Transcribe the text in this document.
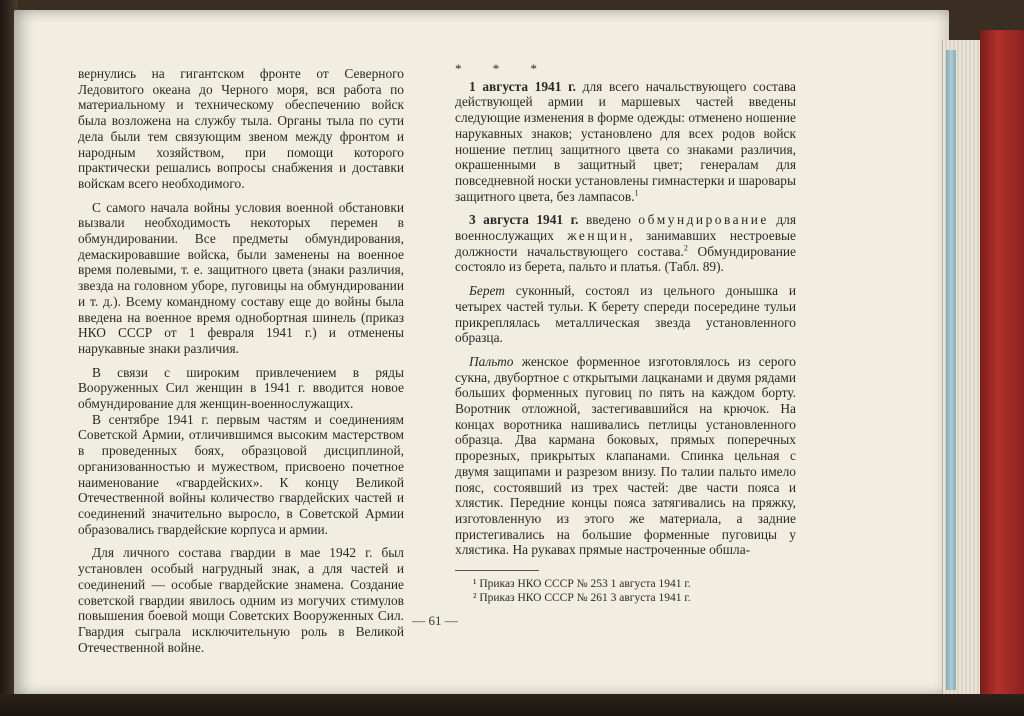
вернулись на гигантском фронте от Северного Ледовитого океана до Черного моря, вся работа по материальному и техническому обеспечению войск была возложена на службу тыла. Органы тыла по сути дела были тем связующим звеном между фронтом и народным хозяйством, при помощи которого практически решались вопросы снабжения и доставки войскам всего необходимого.

С самого начала войны условия военной обстановки вызвали необходимость некоторых перемен в обмундировании. Все предметы обмундирования, демаскировавшие войска, были заменены на военное время полевыми, т. е. защитного цвета (знаки различия, звезда на головном уборе, пуговицы на обмундировании и т. д.). Всему командному составу еще до войны была введена на военное время однобортная шинель (приказ НКО СССР от 1 февраля 1941 г.) и отменены нарукавные знаки различия.

В связи с широким привлечением в ряды Вооруженных Сил женщин в 1941 г. вводится новое обмундирование для женщин-военнослужащих.

В сентябре 1941 г. первым частям и соединениям Советской Армии, отличившимся высоким мастерством в проведенных боях, образцовой дисциплиной, организованностью и мужеством, присвоено почетное наименование «гвардейских». К концу Великой Отечественной войны количество гвардейских частей и соединений значительно выросло, в Советской Армии образовались гвардейские корпуса и армии.

Для личного состава гвардии в мае 1942 г. был установлен особый нагрудный знак, а для частей и соединений — особые гвардейские знамена. Создание советской гвардии явилось одним из могучих стимулов повышения боевой мощи Советских Вооруженных Сил. Гвардия сыграла исключительную роль в Великой Отечественной войне.

* * *

1 августа 1941 г. для всего начальствующего состава действующей армии и маршевых частей введены следующие изменения в форме одежды: отменено ношение нарукавных знаков; установлено для всех родов войск ношение петлиц защитного цвета со знаками различия, окрашенными в защитный цвет; генералам для повседневной носки установлены гимнастерки и шаровары защитного цвета, без лампасов.$^1$

3 августа 1941 г. введено обмундирование для военнослужащих женщин, занимавших нестроевые должности начальствующего состава.$^2$ Обмундирование состояло из берета, пальто и платья. (Табл. 89).

Берет суконный, состоял из цельного донышка и четырех частей тульи. К берету спереди посередине тульи прикреплялась металлическая звезда установленного образца.

Пальто женское форменное изготовлялось из серого сукна, двубортное с открытыми лацканами и двумя рядами больших форменных пуговиц по пять на каждом борту. Воротник отложной, застегивавшийся на крючок. На концах воротника нашивались петлицы установленного образца. Два кармана боковых, прямых поперечных прорезных, прикрытых клапанами. Спинка цельная с двумя защипами и разрезом внизу. По талии пальто имело пояс, состоявший из трех частей: две части пояса и хлястик. Передние концы пояса затягивались на пряжку, изготовленную из этого же материала, а задние пристегивались на большие форменные пуговицы у хлястика. На рукавах прямые настроченные обшла-

¹ Приказ НКО СССР № 253 1 августа 1941 г.

² Приказ НКО СССР № 261 3 августа 1941 г.

— 61 —
